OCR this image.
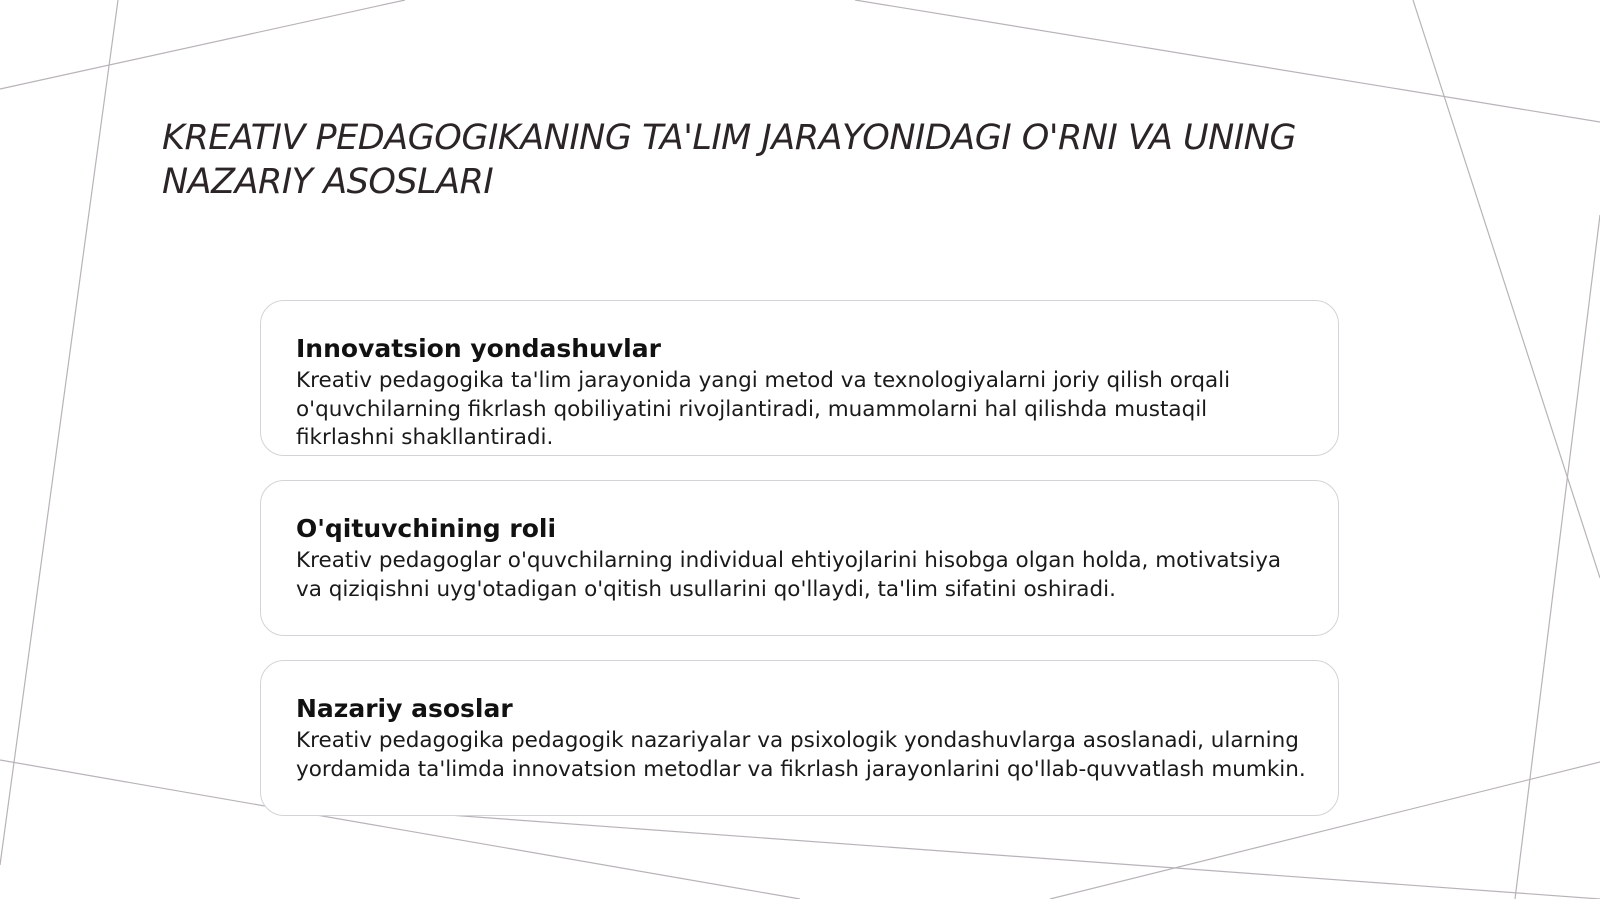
KREATIV PEDAGOGIKANING TA'LIM JARAYONIDAGI O'RNI VA UNING NAZARIY ASOSLARI
Innovatsion yondashuvlar

Kreativ pedagogika ta'lim jarayonida yangi metod va texnologiyalarni joriy qilish orqali o'quvchilarning fikrlash qobiliyatini rivojlantiradi, muammolarni hal qilishda mustaqil fikrlashni shakllantiradi.

O'qituvchining roli

Kreativ pedagoglar o'quvchilarning individual ehtiyojlarini hisobga olgan holda, motivatsiya va qiziqishni uyg'otadigan o'qitish usullarini qo'llaydi, ta'lim sifatini oshiradi.

Nazariy asoslar

Kreativ pedagogika pedagogik nazariyalar va psixologik yondashuvlarga asoslanadi, ularning yordamida ta'limda innovatsion metodlar va fikrlash jarayonlarini qo'llab-quvvatlash mumkin.
